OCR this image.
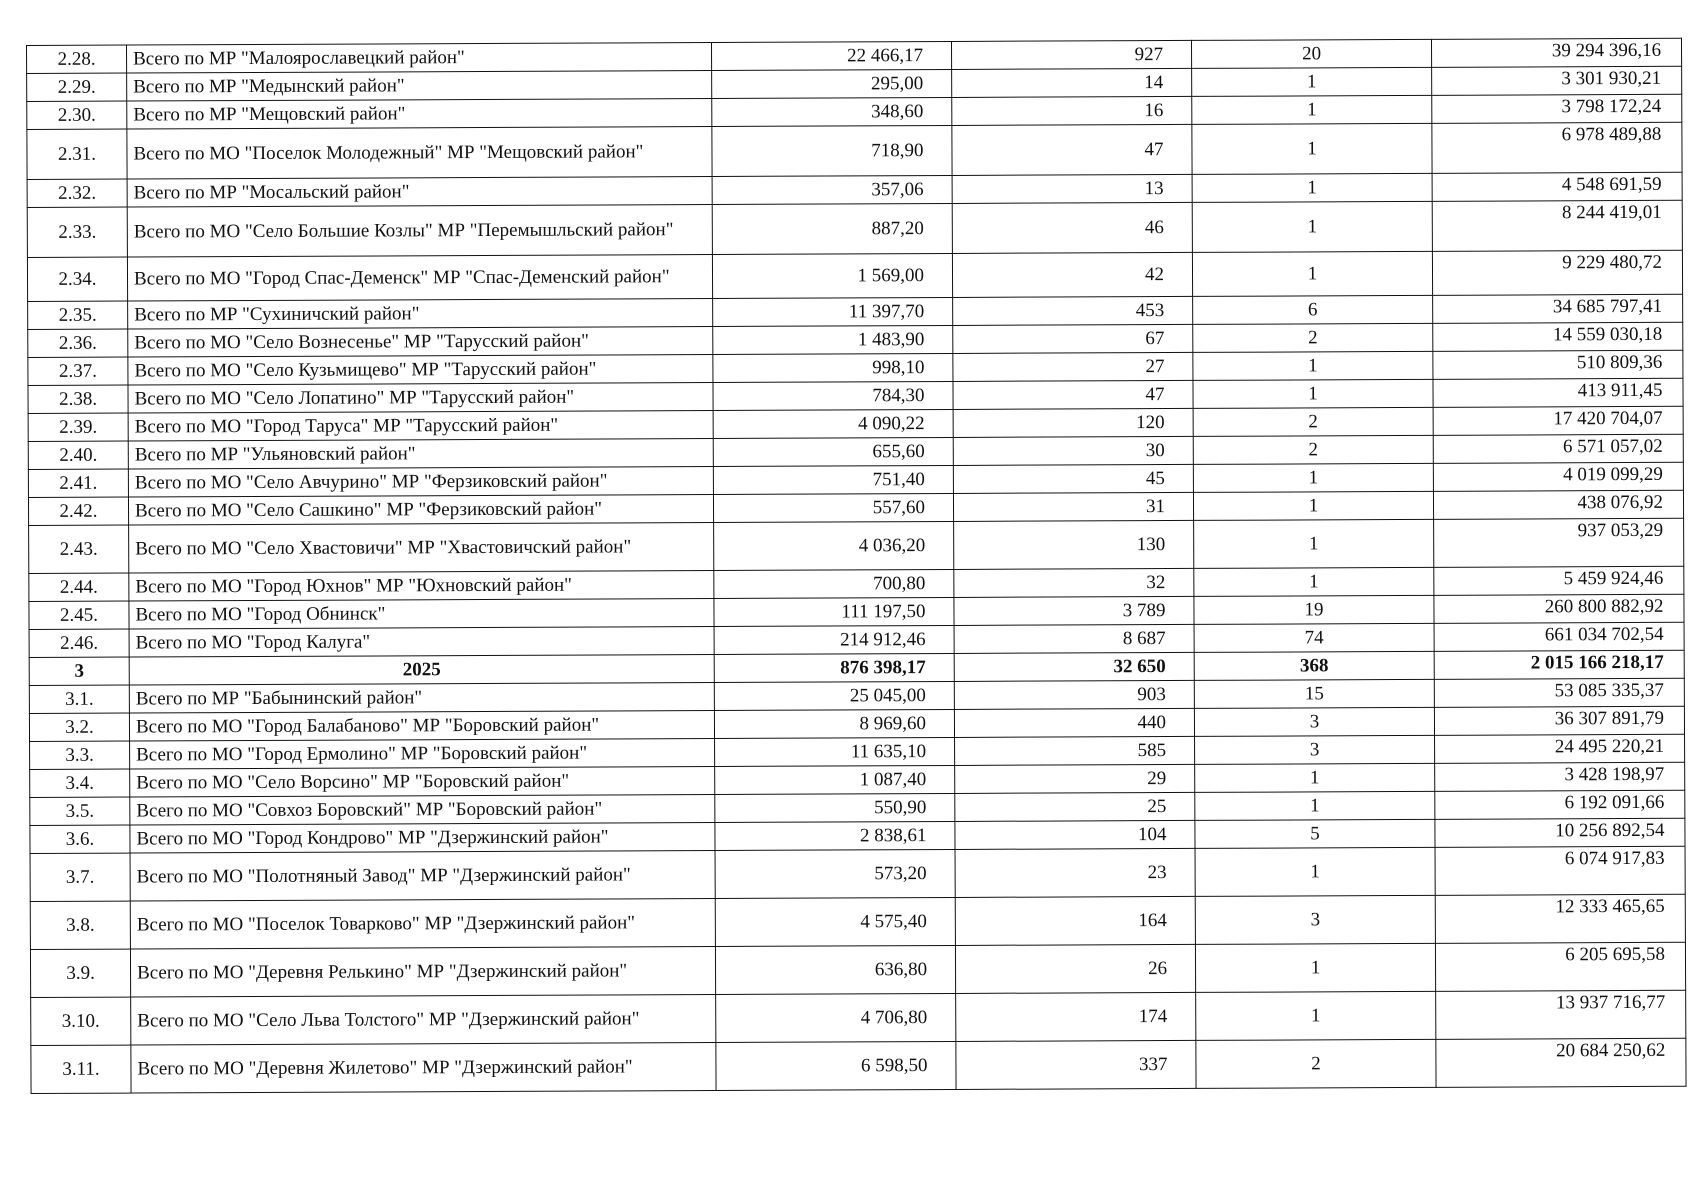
2.28.	Всего по МР "Малоярославецкий район"	22 466,17	927	20	39 294 396,16
2.29.	Всего по МР "Медынский район"	295,00	14	1	3 301 930,21
2.30.	Всего по МР "Мещовский район"	348,60	16	1	3 798 172,24
2.31.	Всего по МО "Поселок Молодежный" МР "Мещовский район"	718,90	47	1	6 978 489,88
2.32.	Всего по МР "Мосальский район"	357,06	13	1	4 548 691,59
2.33.	Всего по МО "Село Большие Козлы" МР "Перемышльский район"	887,20	46	1	8 244 419,01
2.34.	Всего по МО "Город Спас-Деменск" МР "Спас-Деменский район"	1 569,00	42	1	9 229 480,72
2.35.	Всего по МР "Сухиничский район"	11 397,70	453	6	34 685 797,41
2.36.	Всего по МО "Село Вознесенье" МР "Тарусский район"	1 483,90	67	2	14 559 030,18
2.37.	Всего по МО "Село Кузьмищево" МР "Тарусский район"	998,10	27	1	510 809,36
2.38.	Всего по МО "Село Лопатино" МР "Тарусский район"	784,30	47	1	413 911,45
2.39.	Всего по МО "Город Таруса" МР "Тарусский район"	4 090,22	120	2	17 420 704,07
2.40.	Всего по МР "Ульяновский район"	655,60	30	2	6 571 057,02
2.41.	Всего по МО "Село Авчурино" МР "Ферзиковский район"	751,40	45	1	4 019 099,29
2.42.	Всего по МО "Село Сашкино" МР "Ферзиковский район"	557,60	31	1	438 076,92
2.43.	Всего по МО "Село Хвастовичи" МР "Хвастовичский район"	4 036,20	130	1	937 053,29
2.44.	Всего по МО "Город Юхнов" МР "Юхновский район"	700,80	32	1	5 459 924,46
2.45.	Всего по МО "Город Обнинск"	111 197,50	3 789	19	260 800 882,92
2.46.	Всего по МО "Город Калуга"	214 912,46	8 687	74	661 034 702,54
3	2025	876 398,17	32 650	368	2 015 166 218,17
3.1.	Всего по МР "Бабынинский район"	25 045,00	903	15	53 085 335,37
3.2.	Всего по МО "Город Балабаново" МР "Боровский район"	8 969,60	440	3	36 307 891,79
3.3.	Всего по МО "Город Ермолино" МР "Боровский район"	11 635,10	585	3	24 495 220,21
3.4.	Всего по МО "Село Ворсино" МР "Боровский район"	1 087,40	29	1	3 428 198,97
3.5.	Всего по МО "Совхоз Боровский" МР "Боровский район"	550,90	25	1	6 192 091,66
3.6.	Всего по МО "Город Кондрово" МР "Дзержинский район"	2 838,61	104	5	10 256 892,54
3.7.	Всего по МО "Полотняный Завод" МР "Дзержинский район"	573,20	23	1	6 074 917,83
3.8.	Всего по МО "Поселок Товарково" МР "Дзержинский район"	4 575,40	164	3	12 333 465,65
3.9.	Всего по МО "Деревня Релькино" МР "Дзержинский район"	636,80	26	1	6 205 695,58
3.10.	Всего по МО "Село Льва Толстого" МР "Дзержинский район"	4 706,80	174	1	13 937 716,77
3.11.	Всего по МО "Деревня Жилетово" МР "Дзержинский район"	6 598,50	337	2	20 684 250,62
